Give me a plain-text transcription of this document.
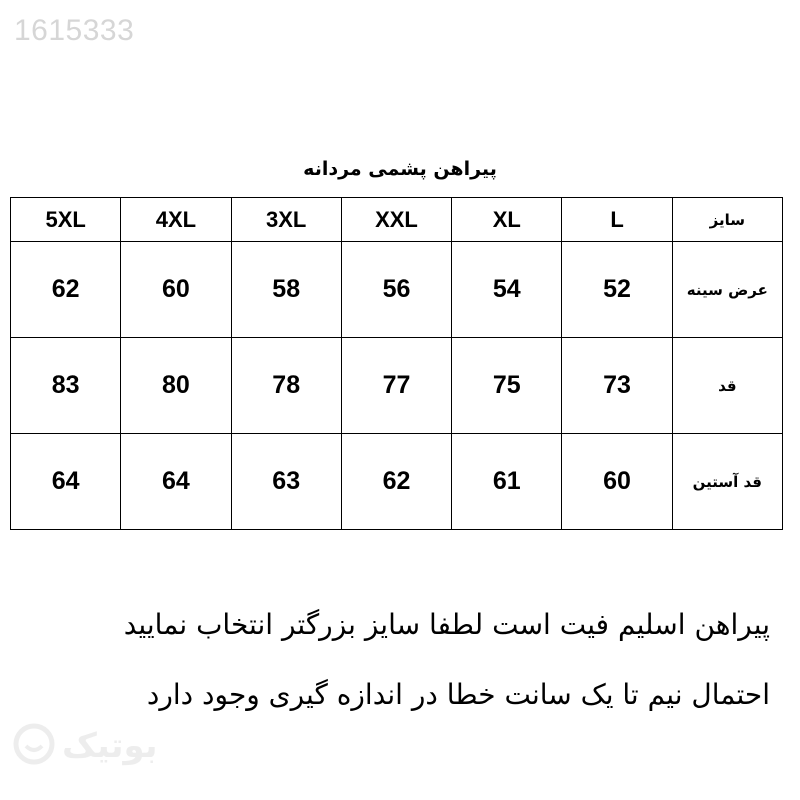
1615333
پیراهن پشمی مردانه
5XL	4XL	3XL	XXL	XL	L	سایز
62	60	58	56	54	52	عرض سینه
83	80	78	77	75	73	قد
64	64	63	62	61	60	قد آستین
پیراهن اسلیم فیت است لطفا سایز بزرگتر انتخاب نمایید
احتمال نیم تا یک سانت خطا در اندازه گیری وجود دارد
بوتیک
